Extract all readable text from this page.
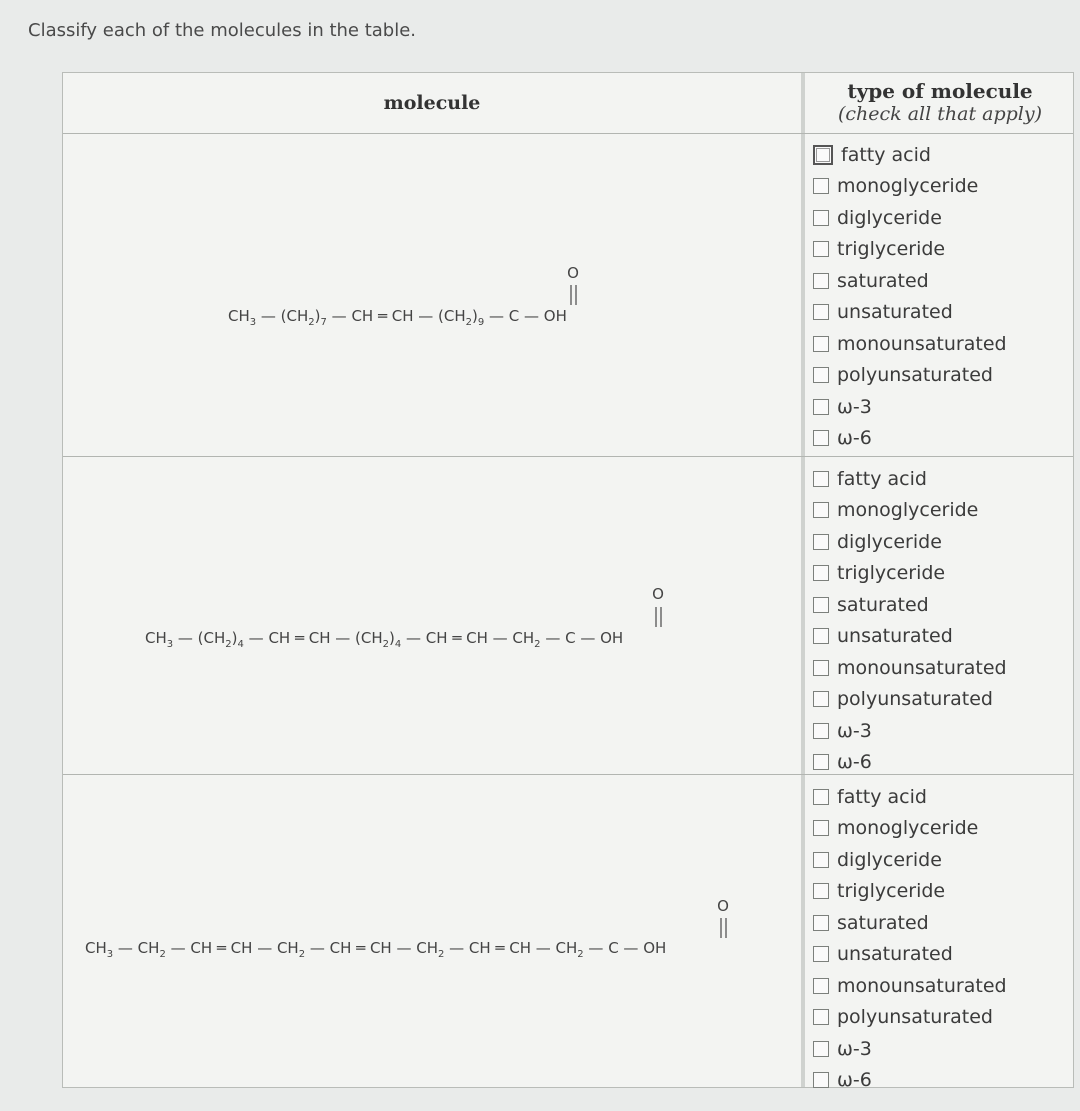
Classify each of the molecules in the table.
molecule	type of molecule
(check all that apply)
O
$CH_3$ — $(CH_2)_7$ — CH ═ CH — $(CH_2)_9$ — C — OH
fatty acid
monoglyceride
diglyceride
triglyceride
saturated
unsaturated
monounsaturated
polyunsaturated
ω-3
ω-6
O
$CH_3$ — $(CH_2)_4$ — CH ═ CH — $(CH_2)_4$ — CH ═ CH — $CH_2$ — C — OH
fatty acid
monoglyceride
diglyceride
triglyceride
saturated
unsaturated
monounsaturated
polyunsaturated
ω-3
ω-6
O
$CH_3$ — $CH_2$ — CH ═ CH — $CH_2$ — CH ═ CH — $CH_2$ — CH ═ CH — $CH_2$ — C — OH
fatty acid
monoglyceride
diglyceride
triglyceride
saturated
unsaturated
monounsaturated
polyunsaturated
ω-3
ω-6
